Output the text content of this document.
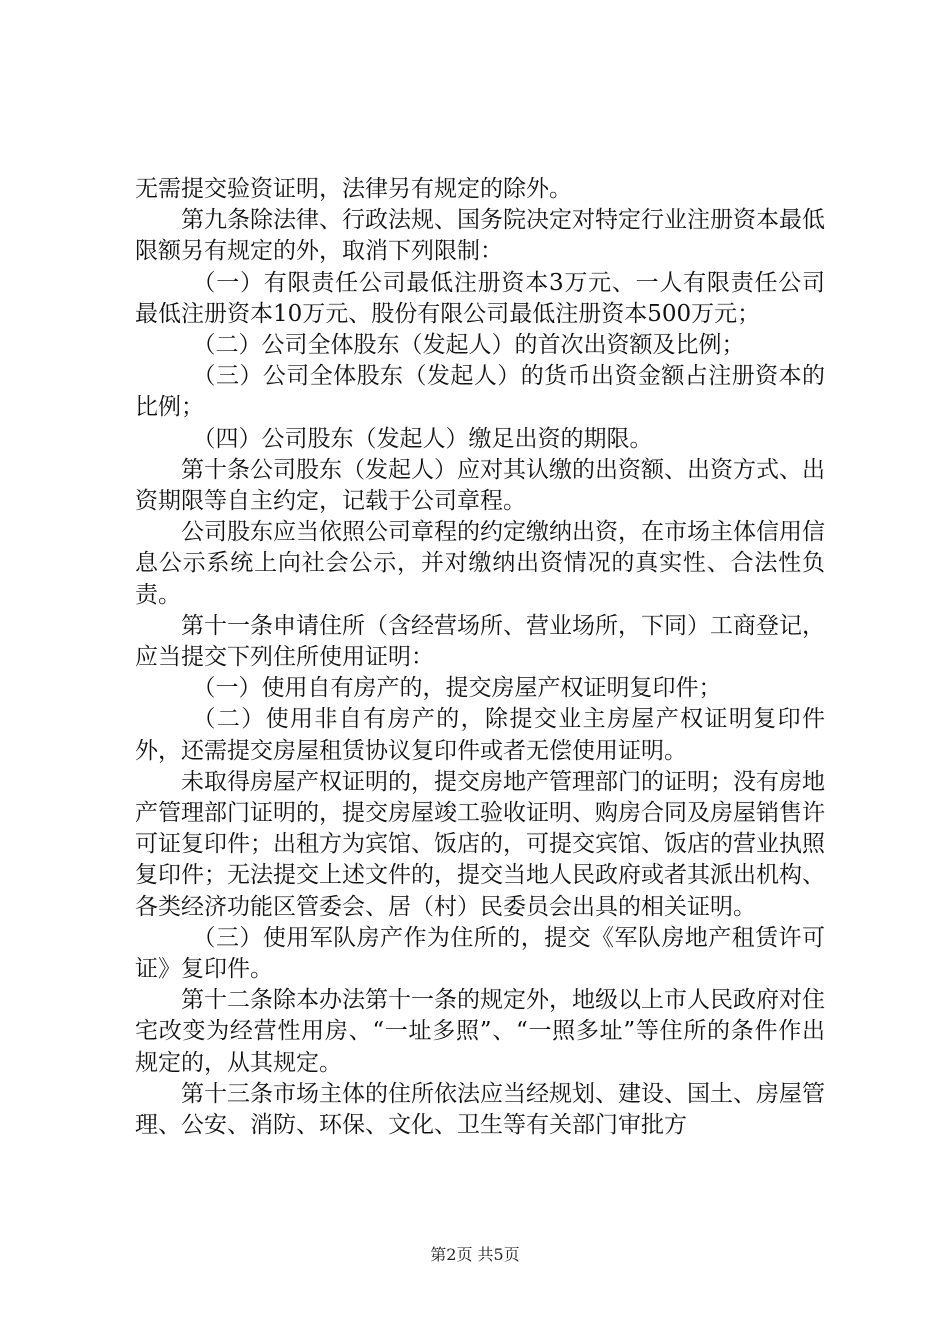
无需提交验资证明，法律另有规定的除外。

第九条除法律、行政法规、国务院决定对特定行业注册资本最低限额另有规定的外，取消下列限制：

（一）有限责任公司最低注册资本3万元、一人有限责任公司最低注册资本10万元、股份有限公司最低注册资本500万元；

（二）公司全体股东（发起人）的首次出资额及比例；

（三）公司全体股东（发起人）的货币出资金额占注册资本的比例；

（四）公司股东（发起人）缴足出资的期限。

第十条公司股东（发起人）应对其认缴的出资额、出资方式、出资期限等自主约定，记载于公司章程。

公司股东应当依照公司章程的约定缴纳出资，在市场主体信用信息公示系统上向社会公示，并对缴纳出资情况的真实性、合法性负责。

第十一条申请住所（含经营场所、营业场所，下同）工商登记，应当提交下列住所使用证明：

（一）使用自有房产的，提交房屋产权证明复印件；

（二）使用非自有房产的，除提交业主房屋产权证明复印件外，还需提交房屋租赁协议复印件或者无偿使用证明。

未取得房屋产权证明的，提交房地产管理部门的证明；没有房地产管理部门证明的，提交房屋竣工验收证明、购房合同及房屋销售许可证复印件；出租方为宾馆、饭店的，可提交宾馆、饭店的营业执照复印件；无法提交上述文件的，提交当地人民政府或者其派出机构、各类经济功能区管委会、居（村）民委员会出具的相关证明。

（三）使用军队房产作为住所的，提交《军队房地产租赁许可证》复印件。

第十二条除本办法第十一条的规定外，地级以上市人民政府对住宅改变为经营性用房、“一址多照”、“一照多址”等住所的条件作出规定的，从其规定。

第十三条市场主体的住所依法应当经规划、建设、国土、房屋管理、公安、消防、环保、文化、卫生等有关部门审批方

第2页 共5页
